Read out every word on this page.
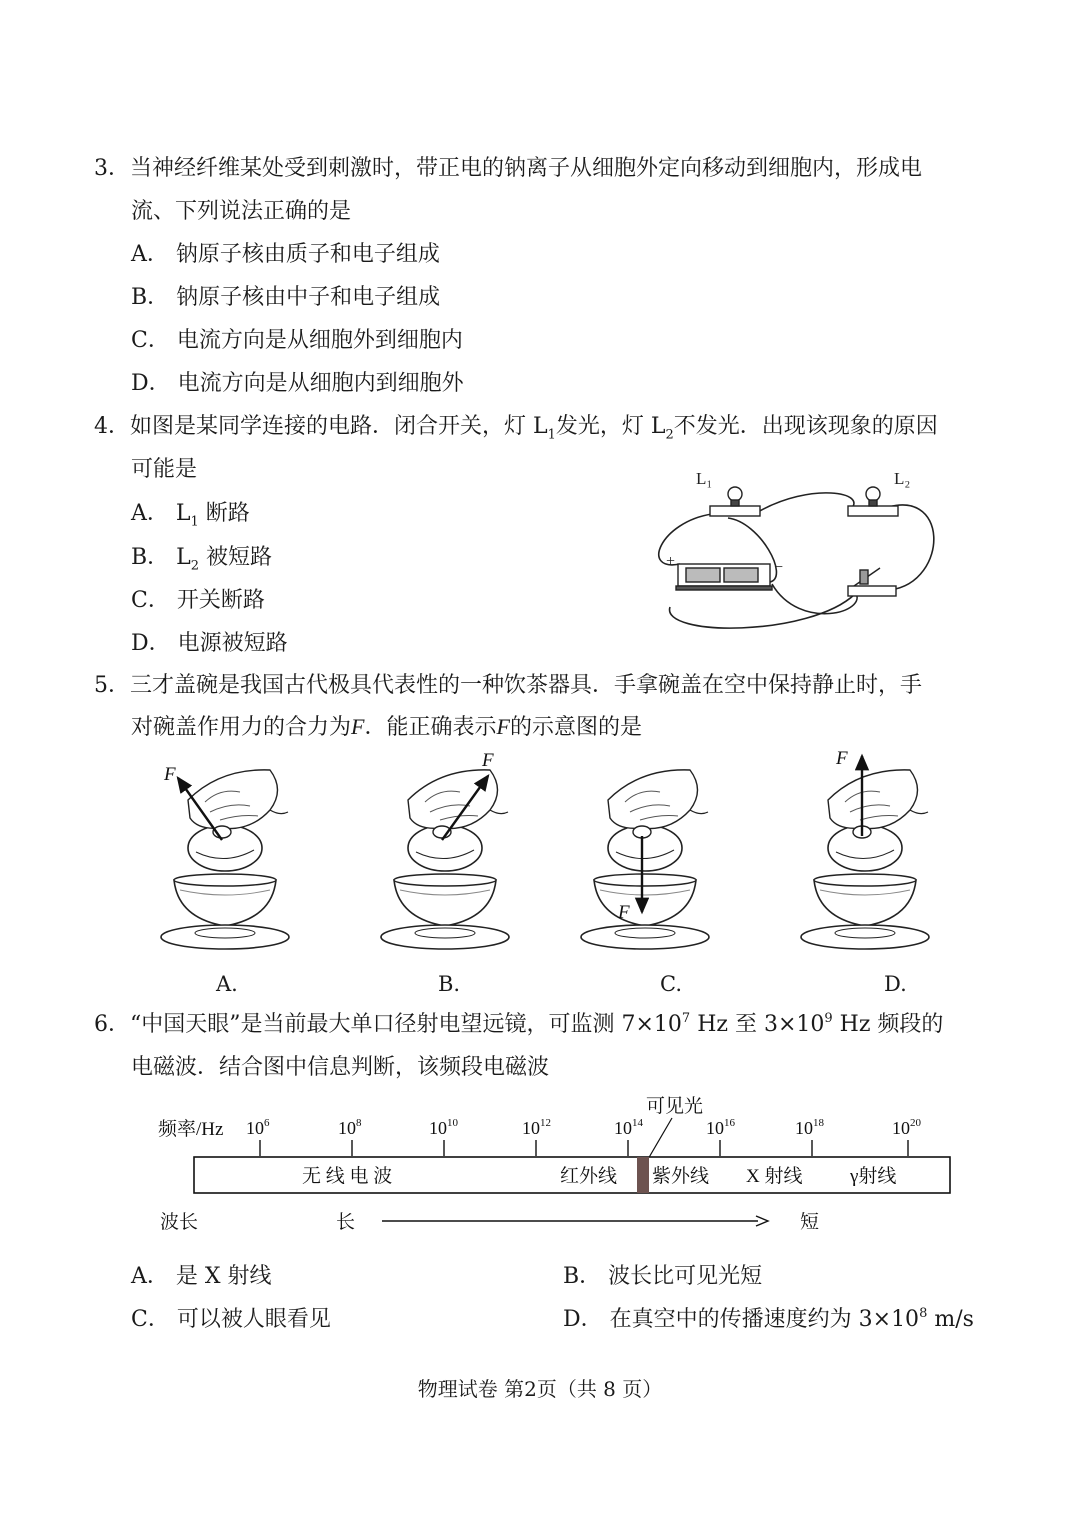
3．当神经纤维某处受到刺激时，带正电的钠离子从细胞外定向移动到细胞内，形成电
流、下列说法正确的是
A． 钠原子核由质子和电子组成
B． 钠原子核由中子和电子组成
C． 电流方向是从细胞外到细胞内
D． 电流方向是从细胞内到细胞外
4．如图是某同学连接的电路．闭合开关，灯 $L_1$发光，灯 $L_2$不发光．出现该现象的原因
可能是
A． $L_1$ 断路
B． $L_2$ 被短路
C． 开关断路
D． 电源被短路
L₁	L₂
+	−
5．三才盖碗是我国古代极具代表性的一种饮茶器具．手拿碗盖在空中保持静止时，手
对碗盖作用力的合力为F．能正确表示F的示意图的是
F
F
F
F
A.	B.	C.	D.
6．“中国天眼”是当前最大单口径射电望远镜，可监测 $7\times 10^7$ Hz 至 $3\times 10^9$ Hz 频段的
电磁波．结合图中信息判断，该频段电磁波
频率/Hz $10^6$	$10^8$	$10^{10}$	$10^{12}$	$10^{14}$	$10^{16}$	$10^{18}$	$10^{20}$
可见光
无 线 电 波	红外线 紫外线 X 射线	γ射线
波长	长	短
A． 是 X 射线	B． 波长比可见光短
C． 可以被人眼看见	D． 在真空中的传播速度约为 $3\times 10^8$ m/s
物理试卷 第2页（共 8 页）
